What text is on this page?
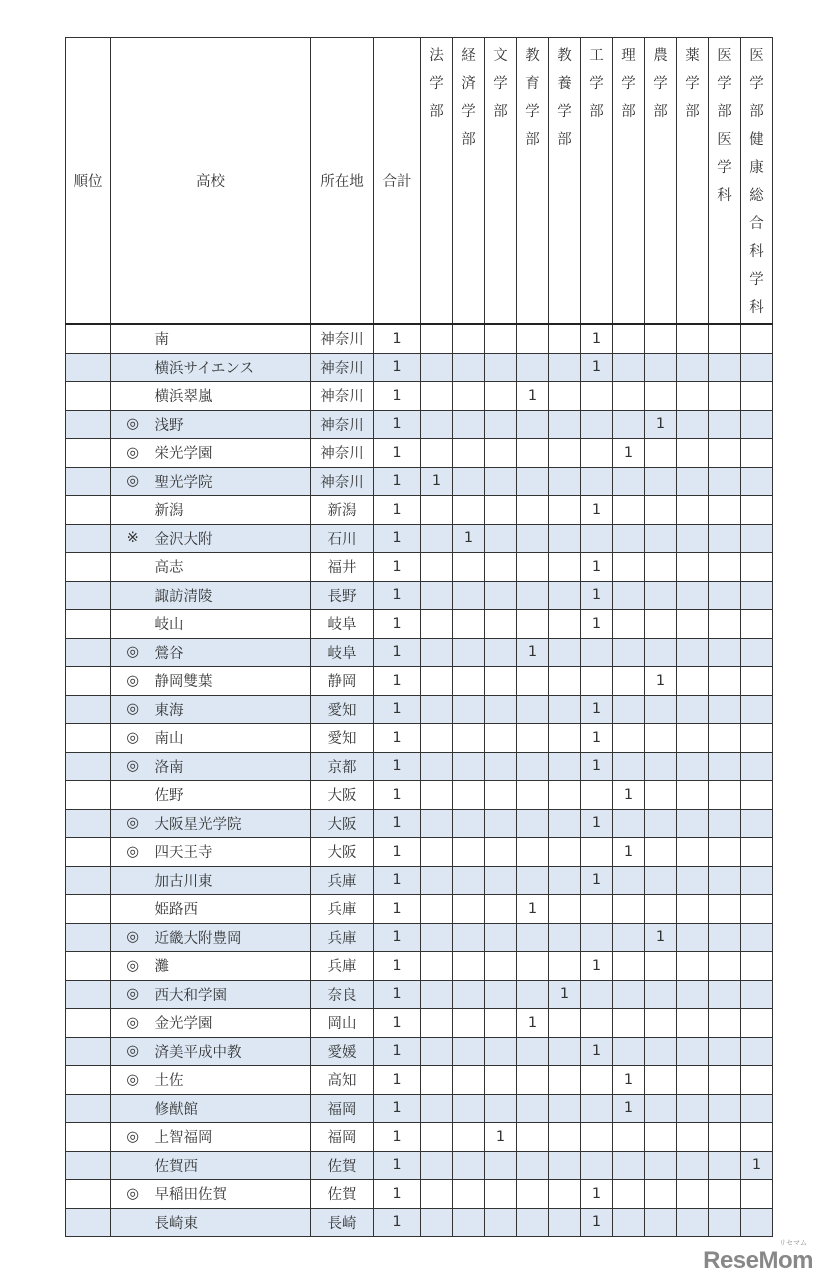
順位	高校		所在地	合計	法学部	経済学部	文学部	教育学部	教養学部	工学部	理学部	農学部	薬学部	医学部医学科	医学部健康総合科学科

		南	神奈川	1						1					
		横浜サイエンス	神奈川	1						1					
		横浜翠嵐	神奈川	1				1							
	◎	浅野	神奈川	1								1			
	◎	栄光学園	神奈川	1							1				
	◎	聖光学院	神奈川	1	1										
		新潟	新潟	1						1					
	※	金沢大附	石川	1		1									
		高志	福井	1						1					
		諏訪清陵	長野	1						1					
		岐山	岐阜	1						1					
	◎	鶯谷	岐阜	1				1							
	◎	静岡雙葉	静岡	1								1			
	◎	東海	愛知	1						1					
	◎	南山	愛知	1						1					
	◎	洛南	京都	1						1					
		佐野	大阪	1							1				
	◎	大阪星光学院	大阪	1						1					
	◎	四天王寺	大阪	1							1				
		加古川東	兵庫	1						1					
		姫路西	兵庫	1				1							
	◎	近畿大附豊岡	兵庫	1								1			
	◎	灘	兵庫	1						1					
	◎	西大和学園	奈良	1					1						
	◎	金光学園	岡山	1				1							
	◎	済美平成中教	愛媛	1						1					
	◎	土佐	高知	1							1				
		修猷館	福岡	1							1				
	◎	上智福岡	福岡	1			1								
		佐賀西	佐賀	1											1
	◎	早稲田佐賀	佐賀	1						1					
		長崎東	長崎	1						1					
リセマム
ReseMom
